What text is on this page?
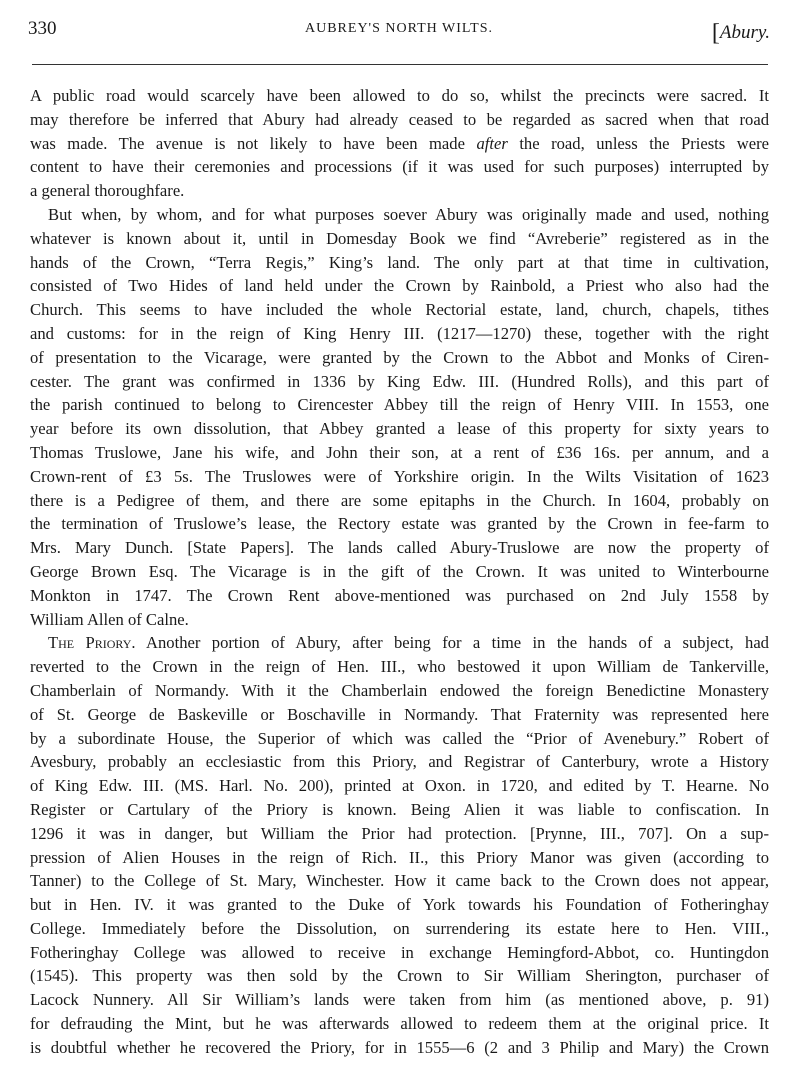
330	AUBREY'S NORTH WILTS.	[Abury.
A public road would scarcely have been allowed to do so, whilst the precincts were sacred. It
may therefore be inferred that Abury had already ceased to be regarded as sacred when that road
was made. The avenue is not likely to have been made after the road, unless the Priests were
content to have their ceremonies and processions (if it was used for such purposes) interrupted by
a general thoroughfare.
But when, by whom, and for what purposes soever Abury was originally made and used, nothing
whatever is known about it, until in Domesday Book we find “Avreberie” registered as in the
hands of the Crown, “Terra Regis,” King’s land. The only part at that time in cultivation,
consisted of Two Hides of land held under the Crown by Rainbold, a Priest who also had the
Church. This seems to have included the whole Rectorial estate, land, church, chapels, tithes
and customs: for in the reign of King Henry III. (1217—1270) these, together with the right
of presentation to the Vicarage, were granted by the Crown to the Abbot and Monks of Ciren-
cester. The grant was confirmed in 1336 by King Edw. III. (Hundred Rolls), and this part of
the parish continued to belong to Cirencester Abbey till the reign of Henry VIII. In 1553, one
year before its own dissolution, that Abbey granted a lease of this property for sixty years to
Thomas Truslowe, Jane his wife, and John their son, at a rent of £36 16s. per annum, and a
Crown-rent of £3 5s. The Truslowes were of Yorkshire origin. In the Wilts Visitation of 1623
there is a Pedigree of them, and there are some epitaphs in the Church. In 1604, probably on
the termination of Truslowe’s lease, the Rectory estate was granted by the Crown in fee-farm to
Mrs. Mary Dunch. [State Papers]. The lands called Abury-Truslowe are now the property of
George Brown Esq. The Vicarage is in the gift of the Crown. It was united to Winterbourne
Monkton in 1747. The Crown Rent above-mentioned was purchased on 2nd July 1558 by
William Allen of Calne.
The Priory. Another portion of Abury, after being for a time in the hands of a subject, had
reverted to the Crown in the reign of Hen. III., who bestowed it upon William de Tankerville,
Chamberlain of Normandy. With it the Chamberlain endowed the foreign Benedictine Monastery
of St. George de Baskeville or Boschaville in Normandy. That Fraternity was represented here
by a subordinate House, the Superior of which was called the “Prior of Avenebury.” Robert of
Avesbury, probably an ecclesiastic from this Priory, and Registrar of Canterbury, wrote a History
of King Edw. III. (MS. Harl. No. 200), printed at Oxon. in 1720, and edited by T. Hearne. No
Register or Cartulary of the Priory is known. Being Alien it was liable to confiscation. In
1296 it was in danger, but William the Prior had protection. [Prynne, III., 707]. On a sup-
pression of Alien Houses in the reign of Rich. II., this Priory Manor was given (according to
Tanner) to the College of St. Mary, Winchester. How it came back to the Crown does not appear,
but in Hen. IV. it was granted to the Duke of York towards his Foundation of Fotheringhay
College. Immediately before the Dissolution, on surrendering its estate here to Hen. VIII.,
Fotheringhay College was allowed to receive in exchange Hemingford-Abbot, co. Huntingdon
(1545). This property was then sold by the Crown to Sir William Sherington, purchaser of
Lacock Nunnery. All Sir William’s lands were taken from him (as mentioned above, p. 91)
for defrauding the Mint, but he was afterwards allowed to redeem them at the original price. It
is doubtful whether he recovered the Priory, for in 1555—6 (2 and 3 Philip and Mary) the Crown
